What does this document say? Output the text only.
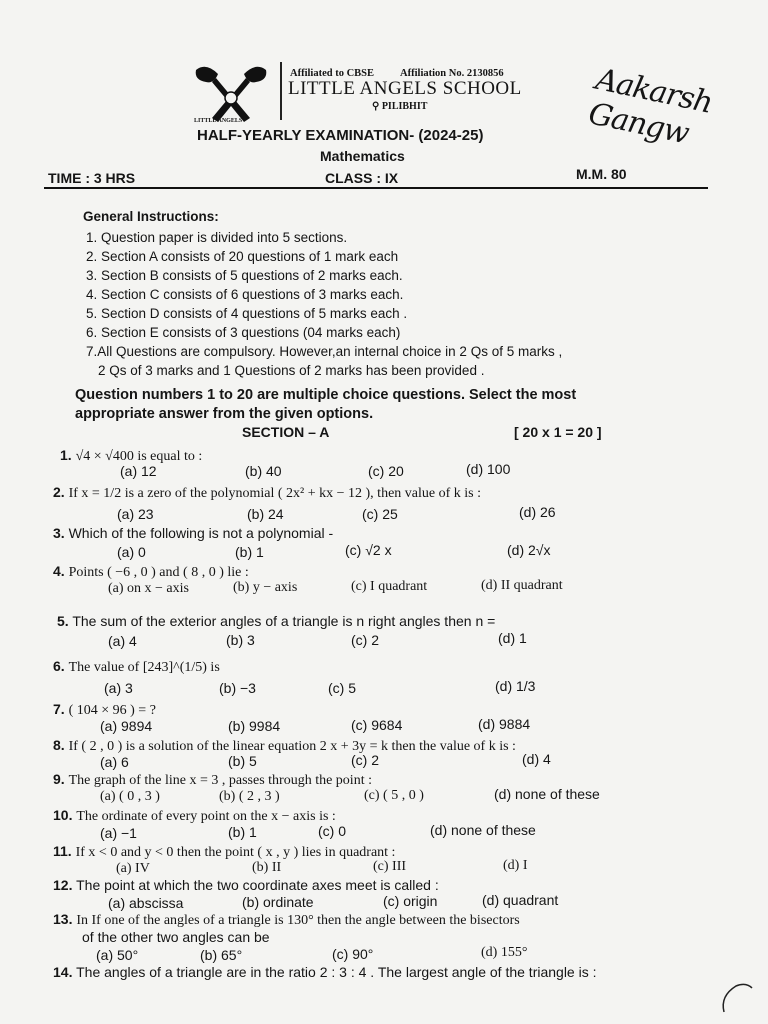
LITTLE ANGELS
Affiliated to CBSE Affiliation No. 2130856
LITTLE ANGELS SCHOOL
⚲ PILIBHIT	Aakarsh Gangw
HALF-YEARLY EXAMINATION- (2024-25)
Mathematics
TIME : 3 HRS	CLASS : IX	M.M. 80
General Instructions:
1. Question paper is divided into 5 sections.
2. Section A consists of 20 questions of 1 mark each
3. Section B consists of 5 questions of 2 marks each.
4. Section C consists of 6 questions of 3 marks each.
5. Section D consists of 4 questions of 5 marks each .
6. Section E consists of 3 questions (04 marks each)
7.All Questions are compulsory. However,an internal choice in 2 Qs of 5 marks ,
2 Qs of 3 marks and 1 Questions of 2 marks has been provided .
Question numbers 1 to 20 are multiple choice questions. Select the most
appropriate answer from the given options.
SECTION – A	[ 20 x 1 = 20 ]
1. √4 × √400 is equal to :
(a) 12	(b) 40	(c) 20	(d) 100
2. If x = 1/2 is a zero of the polynomial ( 2x² + kx − 12 ), then value of k is :
(a) 23	(b) 24	(c) 25	(d) 26
3. Which of the following is not a polynomial -
(a) 0	(b) 1	(c) √2 x	(d) 2√x
4. Points ( −6 , 0 ) and ( 8 , 0 ) lie :
(a) on x − axis	(b) y − axis	(c) I quadrant	(d) II quadrant
5. The sum of the exterior angles of a triangle is n right angles then n =
(a) 4	(b) 3	(c) 2	(d) 1
6. The value of [243]^(1/5) is
(a) 3	(b) −3	(c) 5	(d) 1/3
7. ( 104 × 96 ) = ?
(a) 9894	(b) 9984	(c) 9684	(d) 9884
8. If ( 2 , 0 ) is a solution of the linear equation 2 x + 3y = k then the value of k is :
(a) 6	(b) 5	(c) 2	(d) 4
9. The graph of the line x = 3 , passes through the point :
(a) ( 0 , 3 )	(b) ( 2 , 3 )	(c) ( 5 , 0 )	(d) none of these
10. The ordinate of every point on the x − axis is :
(a) −1	(b) 1	(c) 0	(d) none of these
11. If x < 0 and y < 0 then the point ( x , y ) lies in quadrant :
(a) IV	(b) II	(c) III	(d) I
12. The point at which the two coordinate axes meet is called :
(a) abscissa	(b) ordinate	(c) origin	(d) quadrant
13. In If one of the angles of a triangle is 130° then the angle between the bisectors
of the other two angles can be
(a) 50°	(b) 65°	(c) 90°	(d) 155°
14. The angles of a triangle are in the ratio 2 : 3 : 4 . The largest angle of the triangle is :
